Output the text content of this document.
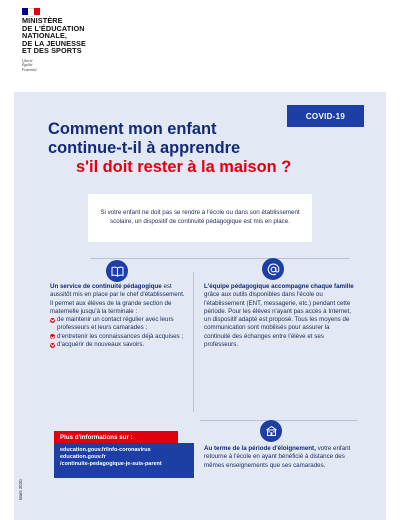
MINISTÈRE
DE L'ÉDUCATION
NATIONALE,
DE LA JEUNESSE
ET DES SPORTS
Liberté
Égalité
Fraternité
COVID-19
Comment mon enfant
continue-t-il à apprendre
s'il doit rester à la maison ?
Si votre enfant ne doit pas se rendre à l'école ou dans son établissement scolaire, un dispositif de continuité pédagogique est mis en place.
Un service de continuité pédagogique est aussitôt mis en place par le chef d'établissement. Il permet aux élèves de la grande section de maternelle jusqu'à la terminale :
de maintenir un contact régulier avec leurs professeurs et leurs camarades ;
d'entretenir les connaissances déjà acquises ;
d'acquérir de nouveaux savoirs.
L'équipe pédagogique accompagne chaque famille grâce aux outils disponibles dans l'école ou l'établissement (ENT, messagerie, etc.) pendant cette période. Pour les élèves n'ayant pas accès à Internet, un dispositif adapté est proposé. Tous les moyens de communication sont mobilisés pour assurer la continuité des échanges entre l'élève et ses professeurs.
Plus d'informations sur :
education.gouv.fr/info-coronavirus
education.gouv.fr
/continuite-pedagogique-je-suis-parent
Au terme de la période d'éloignement, votre enfant retourne à l'école en ayant bénéficié à distance des mêmes enseignements que ses camarades.
Mars 2020
